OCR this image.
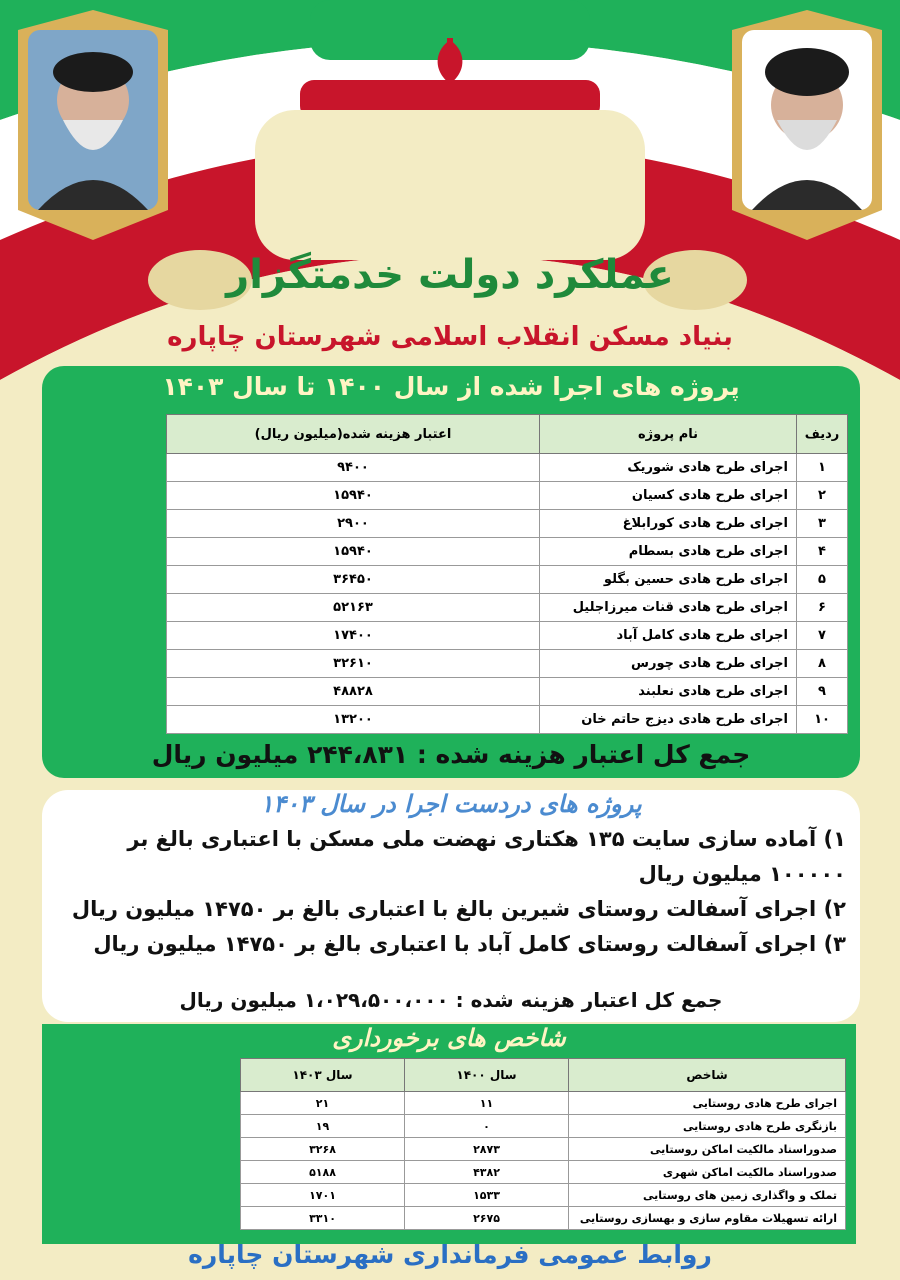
عملکرد دولت خدمتگزار
بنیاد مسکن انقلاب اسلامی شهرستان چاپاره
پروژه های اجرا شده از سال ۱۴۰۰ تا سال ۱۴۰۳
ردیف	نام پروژه	اعتبار هزینه شده(میلیون ریال)
۱	اجرای طرح هادی شوریک	۹۴۰۰
۲	اجرای طرح هادی کسیان	۱۵۹۴۰
۳	اجرای طرح هادی کورابلاغ	۲۹۰۰
۴	اجرای طرح هادی بسطام	۱۵۹۴۰
۵	اجرای طرح هادی حسین بگلو	۳۶۴۵۰
۶	اجرای طرح هادی قنات میرزاجلیل	۵۲۱۶۳
۷	اجرای طرح هادی کامل آباد	۱۷۴۰۰
۸	اجرای طرح هادی چورس	۳۲۶۱۰
۹	اجرای طرح هادی نعلبند	۴۸۸۲۸
۱۰	اجرای طرح هادی دیزج حاتم خان	۱۳۲۰۰
جمع کل اعتبار هزینه شده : ۲۴۴،۸۳۱ میلیون ریال
پروژه های دردست اجرا در سال ۱۴۰۳
۱) آماده سازی سایت ۱۳۵ هکتاری نهضت ملی مسکن با اعتباری بالغ بر ۱۰۰۰۰۰ میلیون ریال
۲) اجرای آسفالت روستای شیرین بالغ با اعتباری بالغ بر ۱۴۷۵۰ میلیون ریال
۳) اجرای آسفالت روستای کامل آباد با اعتباری بالغ بر ۱۴۷۵۰ میلیون ریال
جمع کل اعتبار هزینه شده : ۱،۰۲۹،۵۰۰،۰۰۰ میلیون ریال
شاخص های برخورداری
شاخص	سال ۱۴۰۰	سال ۱۴۰۳
اجرای طرح هادی روستایی	۱۱	۲۱
بازنگری طرح هادی روستایی	۰	۱۹
صدوراسناد مالکیت اماکن روستایی	۲۸۷۳	۳۲۶۸
صدوراسناد مالکیت اماکن شهری	۴۳۸۲	۵۱۸۸
تملک و واگذاری زمین های روستایی	۱۵۳۳	۱۷۰۱
ارائه تسهیلات مقاوم سازی و بهسازی روستایی	۲۶۷۵	۳۳۱۰
روابط عمومی فرمانداری شهرستان چاپاره
